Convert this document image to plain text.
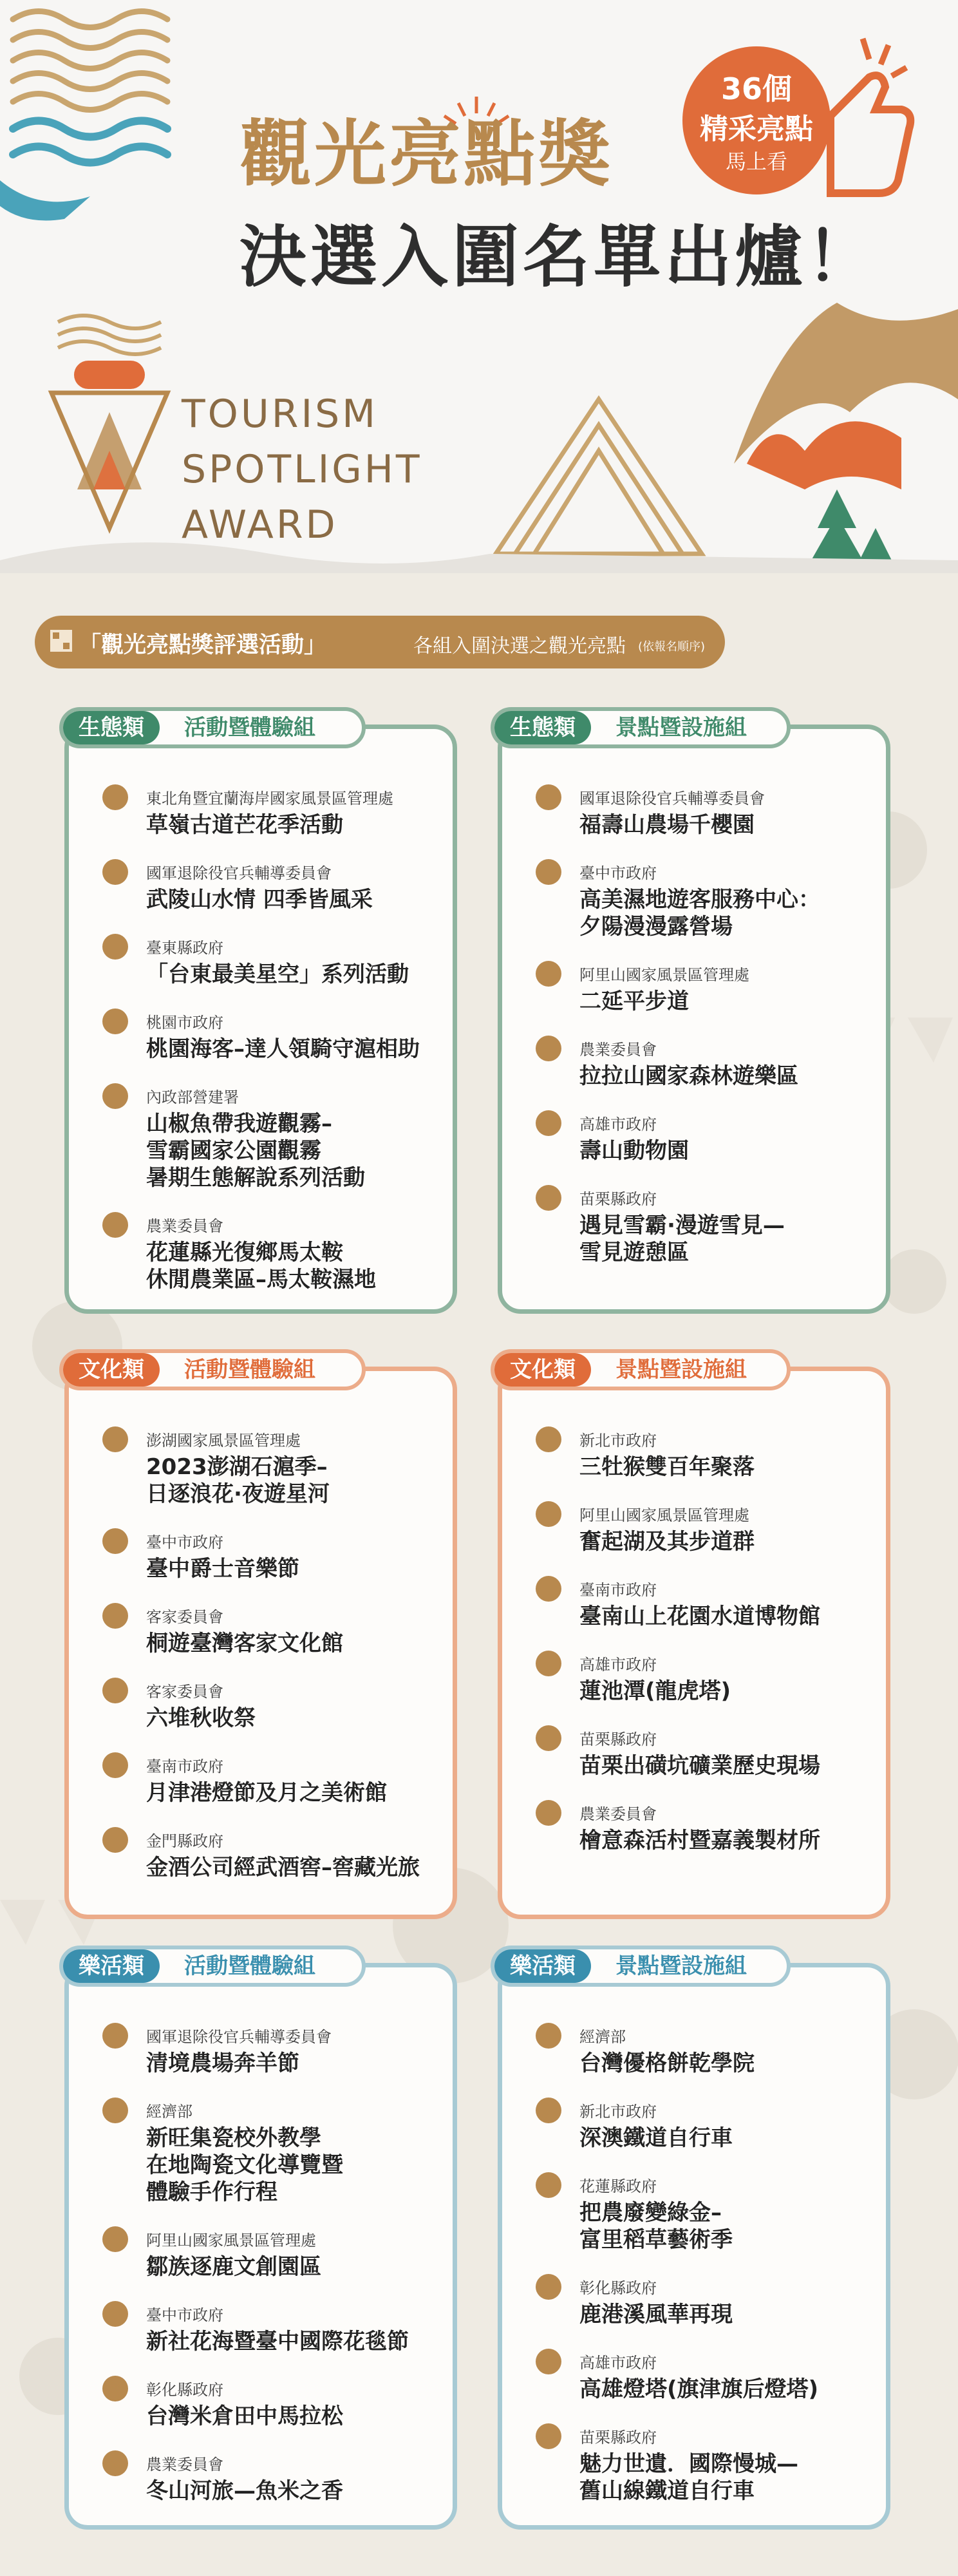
觀光亮點獎
決選入圍名單出爐！
36個
精采亮點
馬上看
TOURISM
SPOTLIGHT
AWARD
「觀光亮點獎評選活動」	各組入圍決選之觀光亮點 (依報名順序)
東北角暨宜蘭海岸國家風景區管理處
草嶺古道芒花季活動
國軍退除役官兵輔導委員會
武陵山水情 四季皆風采
臺東縣政府
「台東最美星空」系列活動
桃園市政府
桃園海客–達人領騎守滬相助
內政部營建署
山椒魚帶我遊觀霧–
雪霸國家公園觀霧
暑期生態解說系列活動
農業委員會
花蓮縣光復鄉馬太鞍
休閒農業區–馬太鞍濕地
生態類	活動暨體驗組
國軍退除役官兵輔導委員會
福壽山農場千櫻園
臺中市政府
高美濕地遊客服務中心：
夕陽漫漫露營場
阿里山國家風景區管理處
二延平步道
農業委員會
拉拉山國家森林遊樂區
高雄市政府
壽山動物園
苗栗縣政府
遇見雪霸·漫遊雪見—
雪見遊憩區
生態類	景點暨設施組
澎湖國家風景區管理處
2023澎湖石滬季–
日逐浪花·夜遊星河
臺中市政府
臺中爵士音樂節
客家委員會
桐遊臺灣客家文化館
客家委員會
六堆秋收祭
臺南市政府
月津港燈節及月之美術館
金門縣政府
金酒公司經武酒窖–窖藏光旅
文化類	活動暨體驗組
新北市政府
三牡猴雙百年聚落
阿里山國家風景區管理處
奮起湖及其步道群
臺南市政府
臺南山上花園水道博物館
高雄市政府
蓮池潭(龍虎塔)
苗栗縣政府
苗栗出磺坑礦業歷史現場
農業委員會
檜意森活村暨嘉義製材所
文化類	景點暨設施組
國軍退除役官兵輔導委員會
清境農場奔羊節
經濟部
新旺集瓷校外教學
在地陶瓷文化導覽暨
體驗手作行程
阿里山國家風景區管理處
鄒族逐鹿文創園區
臺中市政府
新社花海暨臺中國際花毯節
彰化縣政府
台灣米倉田中馬拉松
農業委員會
冬山河旅—魚米之香
樂活類	活動暨體驗組
經濟部
台灣優格餅乾學院
新北市政府
深澳鐵道自行車
花蓮縣政府
把農廢變綠金–
富里稻草藝術季
彰化縣政府
鹿港溪風華再現
高雄市政府
高雄燈塔(旗津旗后燈塔)
苗栗縣政府
魅力世遺．國際慢城—
舊山線鐵道自行車
樂活類	景點暨設施組
